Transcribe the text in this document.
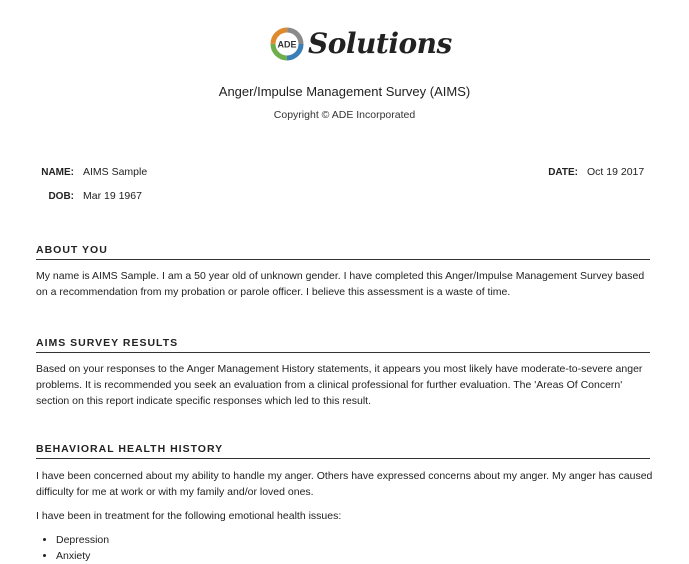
ADE Solutions
Anger/Impulse Management Survey (AIMS)
Copyright © ADE Incorporated
NAME: AIMS Sample
DOB: Mar 19 1967
DATE: Oct 19 2017
ABOUT YOU
My name is AIMS Sample. I am a 50 year old of unknown gender. I have completed this Anger/Impulse Management Survey based on a recommendation from my probation or parole officer. I believe this assessment is a waste of time.
AIMS SURVEY RESULTS
Based on your responses to the Anger Management History statements, it appears you most likely have moderate-to-severe anger problems. It is recommended you seek an evaluation from a clinical professional for further evaluation. The 'Areas Of Concern' section on this report indicate specific responses which led to this result.
BEHAVIORAL HEALTH HISTORY
I have been concerned about my ability to handle my anger. Others have expressed concerns about my anger. My anger has caused difficulty for me at work or with my family and/or loved ones.
I have been in treatment for the following emotional health issues:
• Depression
• Anxiety
